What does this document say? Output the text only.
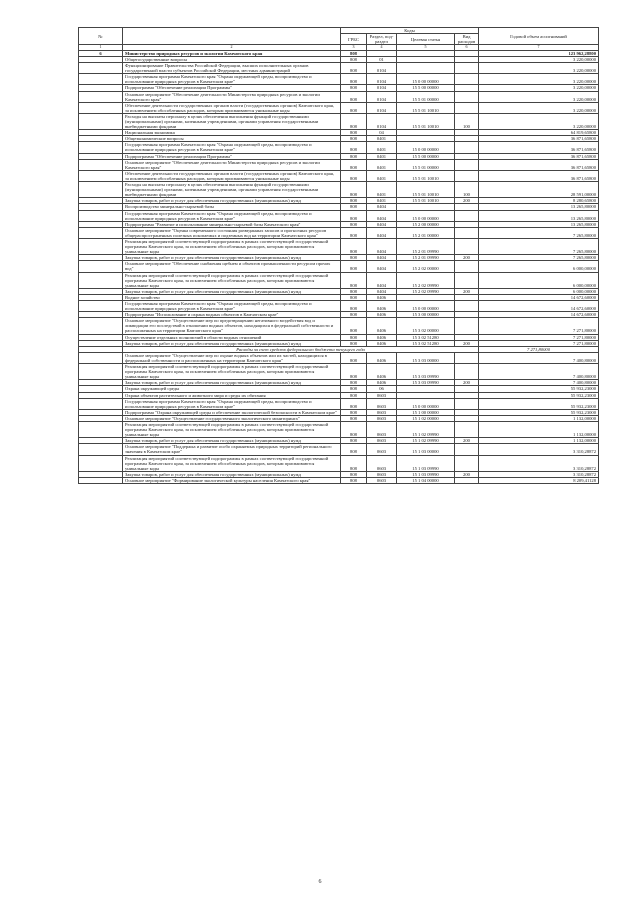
№		Коды				Годовой объем ассигнований
		ГРБС	Раздел, под-раздел	Целевая статья	Вид расходов	
1	2	3	4	5	6	7
6	Министерство природных ресурсов и экологии Камчатского края	808				123 962,28800
	Общегосударственные вопросы	808	01			3 220,00000
	Функционирование Правительства Российской Федерации, высших исполнительных органов государственной власти субъектов Российской Федерации, местных администраций	808	0104			3 220,00000
	Государственная программа Камчатского края "Охрана окружающей среды, воспроизводство и использование природных ресурсов в Камчатском крае"	808	0104	15 0 00 00000		3 220,00000
	Подпрограмма "Обеспечение реализации Программы"	808	0104	15 5 00 00000		3 220,00000
	Основное мероприятие "Обеспечение деятельности Министерства природных ресурсов и экологии Камчатского края"	808	0104	15 5 01 00000		3 220,00000
	Обеспечение деятельности государственных органов власти (государственных органов) Камчатского края, за исключением обособленных расходов, которым присваиваются уникальные коды	808	0104	15 5 01 10010		3 220,00000
	Расходы на выплаты персоналу в целях обеспечения выполнения функций государственными (муниципальными) органами, казенными учреждениями, органами управления государственными внебюджетными фондами	808	0104	15 5 01 10010	100	3 220,00000
	Национальная экономика	808	04			64 819,65800
	Общеэкономические вопросы	808	0401			36 871,65800
	Государственная программа Камчатского края "Охрана окружающей среды, воспроизводство и использование природных ресурсов в Камчатском крае"	808	0401	15 0 00 00000		36 871,65800
	Подпрограмма "Обеспечение реализации Программы"	808	0401	15 5 00 00000		36 871,65800
	Основное мероприятие "Обеспечение деятельности Министерства природных ресурсов и экологии Камчатского края"	808	0401	15 5 01 00000		36 871,65800
	Обеспечение деятельности государственных органов власти (государственных органов) Камчатского края, за исключением обособленных расходов, которым присваиваются уникальные коды	808	0401	15 5 01 10010		36 871,65800
	Расходы на выплаты персоналу в целях обеспечения выполнения функций государственными (муниципальными) органами, казенными учреждениями, органами управления государственными внебюджетными фондами	808	0401	15 5 01 10010	100	28 591,00000
	Закупка товаров, работ и услуг для обеспечения государственных (муниципальных) нужд	808	0401	15 5 01 10010	200	8 280,65800
	Воспроизводство минерально-сырьевой базы	808	0404			13 265,80000
	Государственная программа Камчатского края "Охрана окружающей среды, воспроизводство и использование природных ресурсов в Камчатском крае"	808	0404	15 0 00 00000		13 265,80000
	Подпрограмма "Развитие и использование минерально-сырьевой базы Камчатского края"	808	0404	15 2 00 00000		13 265,80000
	Основное мероприятие "Оценка современного состояния разведанных запасов и прогнозных ресурсов общераспространенных полезных ископаемых и подземных вод на территории Камчатского края"	808	0404	15 2 01 00000		7 265,80000
	Реализация мероприятий соответствующей подпрограммы в рамках соответствующей государственной программы Камчатского края, за исключением обособленных расходов, которым присваиваются уникальные коды	808	0404	15 2 01 09990		7 265,80000
	Закупка товаров, работ и услуг для обеспечения государственных (муниципальных) нужд	808	0404	15 2 01 09990	200	7 265,80000
	Основное мероприятие "Обеспечение снабжения щебнем и объектов промышленности ресурсом прочих вод"	808	0404	15 2 02 00000		6 000,00000
	Реализация мероприятий соответствующей подпрограммы в рамках соответствующей государственной программы Камчатского края, за исключением обособленных расходов, которым присваиваются уникальные коды	808	0404	15 2 02 09990		6 000,00000
	Закупка товаров, работ и услуг для обеспечения государственных (муниципальных) нужд	808	0404	15 2 02 09990	200	6 000,00000
	Водное хозяйство	808	0406			14 672,60000
	Государственная программа Камчатского края "Охрана окружающей среды, воспроизводство и использование природных ресурсов в Камчатском крае"	808	0406	15 0 00 00000		14 672,60000
	Подпрограмма "Использование и охрана водных объектов в Камчатском крае"	808	0406	15 3 00 00000		14 672,60000
	Основное мероприятие "Осуществление мер по предотвращению негативного воздействия вод и ликвидации его последствий в отношении водных объектов, находящихся в федеральной собственности и расположенных на территории Камчатского края"	808	0406	15 3 02 00000		7 271,80000
	Осуществление отдельных полномочий в области водных отношений	808	0406	15 3 02 51280		7 271,80000
	Закупка товаров, работ и услуг для обеспечения государственных (муниципальных) нужд	808	0406	15 3 02 51280	200	7 271,80000
	Расходы за счет средств федерального бюджета текущего года					7 271,80000
	Основное мероприятие "Осуществление мер по охране водных объектов или их частей, находящихся в федеральной собственности и расположенных на территории Камчатского края"	808	0406	15 3 03 00000		7 400,80000
	Реализация мероприятий соответствующей подпрограммы в рамках соответствующей государственной программы Камчатского края, за исключением обособленных расходов, которым присваиваются уникальные коды	808	0406	15 3 03 09990		7 400,80000
	Закупка товаров, работ и услуг для обеспечения государственных (муниципальных) нужд	808	0406	15 3 03 09990	200	7 400,80000
	Охрана окружающей среды	808	06			55 932,23000
	Охрана объектов растительного и животного мира и среды их обитания	808	0603			55 932,23000
	Государственная программа Камчатского края "Охрана окружающей среды, воспроизводство и использование природных ресурсов в Камчатском крае"	808	0603	15 0 00 00000		55 932,23000
	Подпрограмма "Охрана окружающей среды и обеспечение экологической безопасности в Камчатском крае"	808	0603	15 1 00 00000		55 932,23000
	Основное мероприятие "Осуществление государственного экологического мониторинга"	808	0603	15 1 02 00000		1 132,00000
	Реализация мероприятий соответствующей подпрограммы в рамках соответствующей государственной программы Камчатского края, за исключением обособленных расходов, которым присваиваются уникальные коды	808	0603	15 1 02 09990		1 132,00000
	Закупка товаров, работ и услуг для обеспечения государственных (муниципальных) нужд	808	0603	15 1 02 09990	200	1 132,00000
	Основное мероприятие "Поддержка и развитие особо охраняемых природных территорий регионального значения в Камчатском крае"	808	0603	15 1 03 00000		3 310,28872
	Реализация мероприятий соответствующей подпрограммы в рамках соответствующей государственной программы Камчатского края, за исключением обособленных расходов, которым присваиваются уникальные коды	808	0603	15 1 03 09990		3 310,28872
	Закупка товаров, работ и услуг для обеспечения государственных (муниципальных) нужд	808	0603	15 1 03 09990	200	3 310,28872
	Основное мероприятие "Формирование экологической культуры населения Камчатского края"	808	0603	15 1 04 00000		8 209,41128
6
